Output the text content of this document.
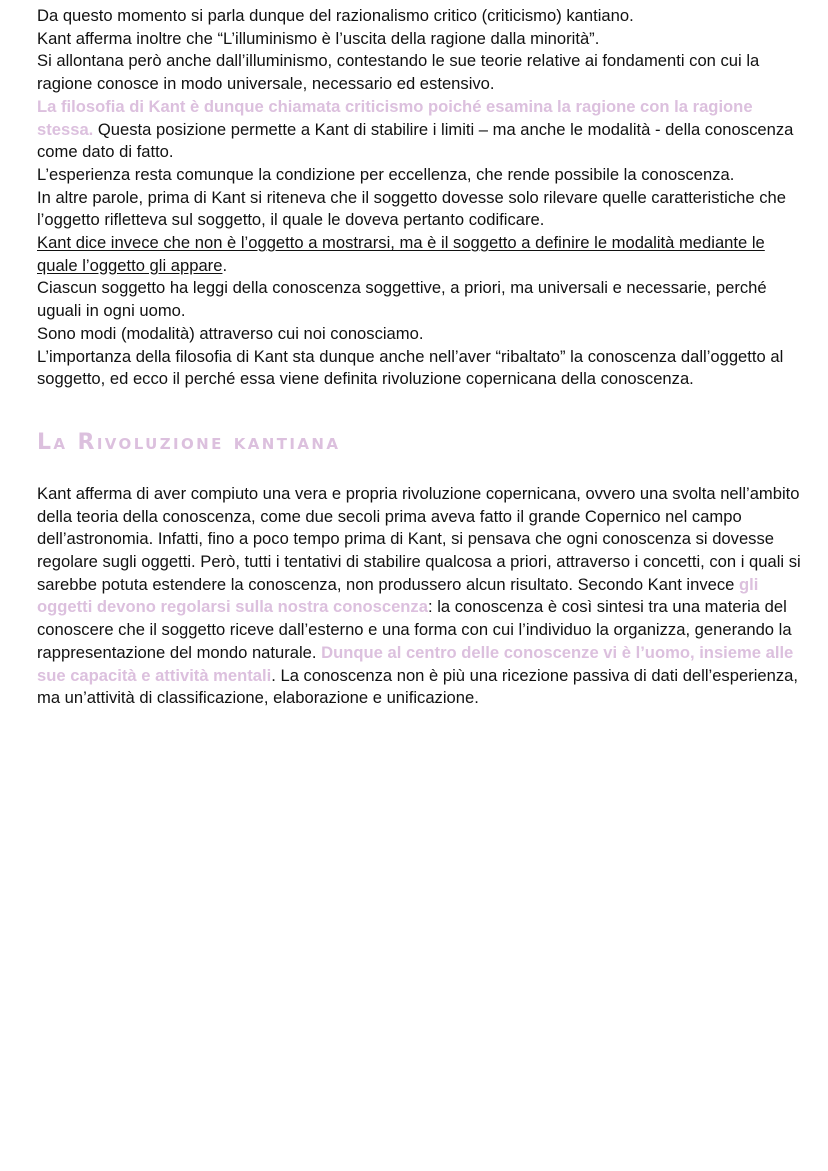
Da questo momento si parla dunque del razionalismo critico (criticismo) kantiano.

Kant afferma inoltre che “L’illuminismo è l’uscita della ragione dalla minorità”.

Si allontana però anche dall’illuminismo, contestando le sue teorie relative ai fondamenti con cui la ragione conosce in modo universale, necessario ed estensivo.

La filosofia di Kant è dunque chiamata criticismo poiché esamina la ragione con la ragione stessa. Questa posizione permette a Kant di stabilire i limiti – ma anche le modalità - della conoscenza come dato di fatto.

L’esperienza resta comunque la condizione per eccellenza, che rende possibile la conoscenza.

In altre parole, prima di Kant si riteneva che il soggetto dovesse solo rilevare quelle caratteristiche che l’oggetto rifletteva sul soggetto, il quale le doveva pertanto codificare.

Kant dice invece che non è l’oggetto a mostrarsi, ma è il soggetto a definire le modalità mediante le quale l’oggetto gli appare.

Ciascun soggetto ha leggi della conoscenza soggettive, a priori, ma universali e necessarie, perché uguali in ogni uomo.

Sono modi (modalità) attraverso cui noi conosciamo.

L’importanza della filosofia di Kant sta dunque anche nell’aver “ribaltato” la conoscenza dall’oggetto al soggetto, ed ecco il perché essa viene definita rivoluzione copernicana della conoscenza.

La Rivoluzione kantiana

Kant afferma di aver compiuto una vera e propria rivoluzione copernicana, ovvero una svolta nell’ambito della teoria della conoscenza, come due secoli prima aveva fatto il grande Copernico nel campo dell’astronomia. Infatti, fino a poco tempo prima di Kant, si pensava che ogni conoscenza si dovesse regolare sugli oggetti. Però, tutti i tentativi di stabilire qualcosa a priori, attraverso i concetti, con i quali si sarebbe potuta estendere la conoscenza, non produssero alcun risultato. Secondo Kant invece gli oggetti devono regolarsi sulla nostra conoscenza: la conoscenza è così sintesi tra una materia del conoscere che il soggetto riceve dall’esterno e una forma con cui l’individuo la organizza, generando la rappresentazione del mondo naturale. Dunque al centro delle conoscenze vi è l’uomo, insieme alle sue capacità e attività mentali. La conoscenza non è più una ricezione passiva di dati dell’esperienza, ma un’attività di classificazione, elaborazione e unificazione.
